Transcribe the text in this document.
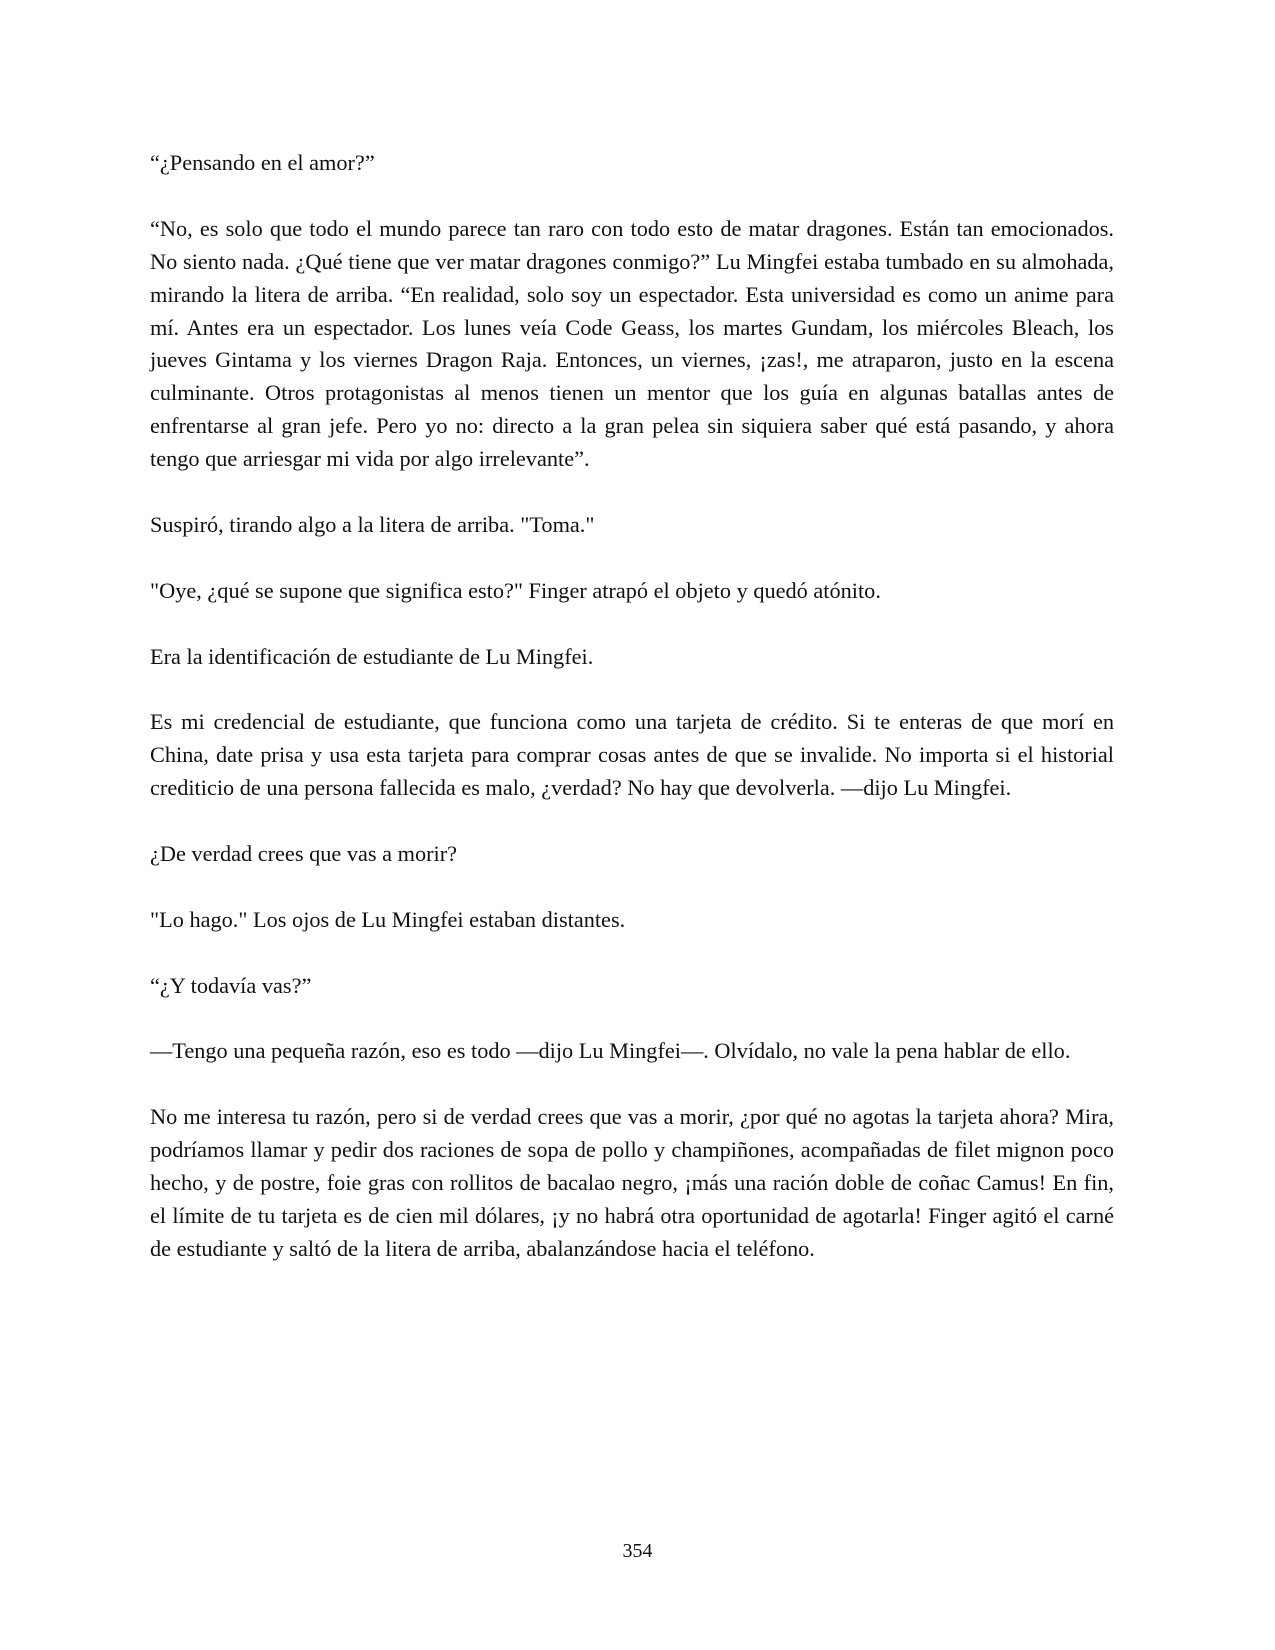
“¿Pensando en el amor?”

“No, es solo que todo el mundo parece tan raro con todo esto de matar dragones. Están tan emocionados. No siento nada. ¿Qué tiene que ver matar dragones conmigo?” Lu Mingfei estaba tumbado en su almohada, mirando la litera de arriba. “En realidad, solo soy un espectador. Esta universidad es como un anime para mí. Antes era un espectador. Los lunes veía Code Geass, los martes Gundam, los miércoles Bleach, los jueves Gintama y los viernes Dragon Raja. Entonces, un viernes, ¡zas!, me atraparon, justo en la escena culminante. Otros protagonistas al menos tienen un mentor que los guía en algunas batallas antes de enfrentarse al gran jefe. Pero yo no: directo a la gran pelea sin siquiera saber qué está pasando, y ahora tengo que arriesgar mi vida por algo irrelevante”.

Suspiró, tirando algo a la litera de arriba. "Toma."

"Oye, ¿qué se supone que significa esto?" Finger atrapó el objeto y quedó atónito.

Era la identificación de estudiante de Lu Mingfei.

Es mi credencial de estudiante, que funciona como una tarjeta de crédito. Si te enteras de que morí en China, date prisa y usa esta tarjeta para comprar cosas antes de que se invalide. No importa si el historial crediticio de una persona fallecida es malo, ¿verdad? No hay que devolverla. —dijo Lu Mingfei.

¿De verdad crees que vas a morir?

"Lo hago." Los ojos de Lu Mingfei estaban distantes.

“¿Y todavía vas?”

—Tengo una pequeña razón, eso es todo —dijo Lu Mingfei—. Olvídalo, no vale la pena hablar de ello.

No me interesa tu razón, pero si de verdad crees que vas a morir, ¿por qué no agotas la tarjeta ahora? Mira, podríamos llamar y pedir dos raciones de sopa de pollo y champiñones, acompañadas de filet mignon poco hecho, y de postre, foie gras con rollitos de bacalao negro, ¡más una ración doble de coñac Camus! En fin, el límite de tu tarjeta es de cien mil dólares, ¡y no habrá otra oportunidad de agotarla! Finger agitó el carné de estudiante y saltó de la litera de arriba, abalanzándose hacia el teléfono.

354
